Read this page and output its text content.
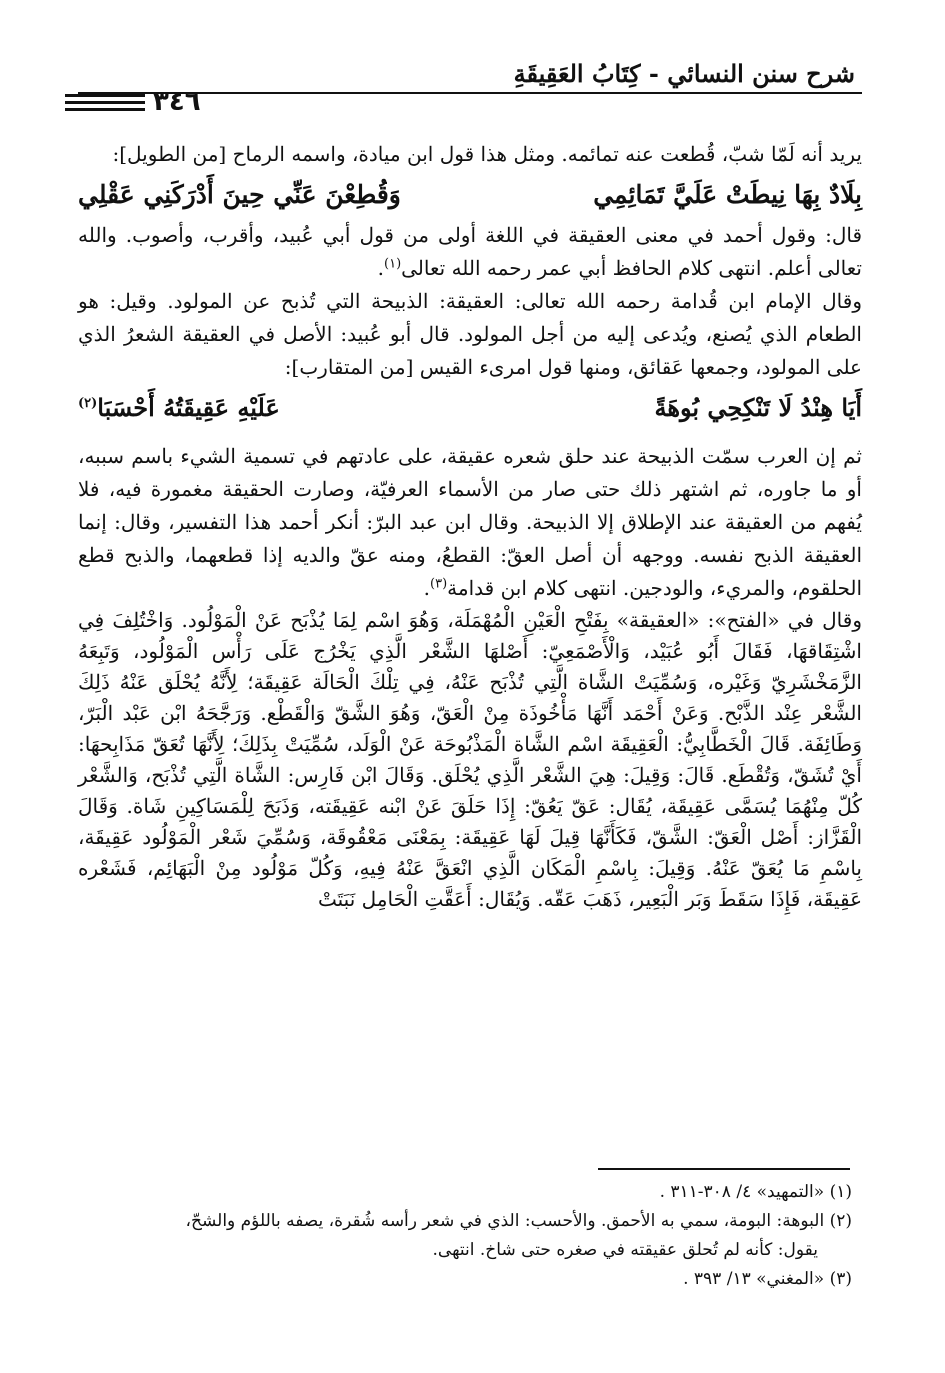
شرح سنن النسائي - كِتَابُ العَقِيقَةِ
٣٤٦

يريد أنه لَمّا شبّ، قُطعت عنه تمائمه. ومثل هذا قول ابن ميادة، واسمه الرماح [من الطويل]:

بِلَادٌ بِهَا نِيطَتْ عَلَيَّ تَمَائِمِي
وَقُطِعْنَ عَنِّي حِينَ أَدْرَكَنِي عَقْلِي

قال: وقول أحمد في معنى العقيقة في اللغة أولى من قول أبي عُبيد، وأقرب، وأصوب. والله تعالى أعلم. انتهى كلام الحافظ أبي عمر رحمه الله تعالى$^{(١)}$.

وقال الإمام ابن قُدامة رحمه الله تعالى: العقيقة: الذبيحة التي تُذبح عن المولود. وقيل: هو الطعام الذي يُصنع، ويُدعى إليه من أجل المولود. قال أبو عُبيد: الأصل في العقيقة الشعرُ الذي على المولود، وجمعها عَقائق، ومنها قول امرىء القيس [من المتقارب]:

أَيَا هِنْدُ لَا تَنْكِحِي بُوهَةً
عَلَيْهِ عَقِيقَتُهُ أَحْسَبَا$^{(٢)}$

ثم إن العرب سمّت الذبيحة عند حلق شعره عقيقة، على عادتهم في تسمية الشيء باسم سببه، أو ما جاوره، ثم اشتهر ذلك حتى صار من الأسماء العرفيّة، وصارت الحقيقة مغمورة فيه، فلا يُفهم من العقيقة عند الإطلاق إلا الذبيحة. وقال ابن عبد البرّ: أنكر أحمد هذا التفسير، وقال: إنما العقيقة الذبح نفسه. ووجهه أن أصل العقّ: القطعُ، ومنه عقّ والديه إذا قطعهما، والذبح قطع الحلقوم، والمريء، والودجين. انتهى كلام ابن قدامة$^{(٣)}$.

وقال في «الفتح»: «العقيقة» بِفَتْحِ الْعَيْنِ الْمُهْمَلَة، وَهُوَ اسْم لِمَا يُذْبَح عَنْ الْمَوْلُود. وَاخْتُلِفَ فِي اشْتِقَاقهَا، فَقَالَ أَبُو عُبَيْد، وَالْأَصْمَعِيّ: أَصْلهَا الشَّعْر الَّذِي يَخْرُج عَلَى رَأْس الْمَوْلُود، وَتَبِعَهُ الزَّمَخْشَرِيّ وَغَيْره، وَسُمِّيَتْ الشَّاة الَّتِي تُذْبَح عَنْهُ، فِي تِلْكَ الْحَالَة عَقِيقَة؛ لِأَنَّهُ يُحْلَق عَنْهُ ذَلِكَ الشَّعْر عِنْد الذَّبْح. وَعَنْ أَحْمَد أَنَّهَا مَأْخُوذَة مِنْ الْعَقّ، وَهُوَ الشَّقّ وَالْقَطْع. وَرَجَّحَهُ ابْن عَبْد الْبَرّ، وَطَائِفَة. قَالَ الْخَطَّابِيُّ: الْعَقِيقَة اسْم الشَّاة الْمَذْبُوحَة عَنْ الْوَلَد، سُمِّيَتْ بِذَلِكَ؛ لِأَنَّهَا تُعَقّ مَذَابِحهَا: أَيْ تُشَقّ، وَتُقْطَع. قَالَ: وَقِيلَ: هِيَ الشَّعْر الَّذِي يُحْلَق. وَقَالَ ابْن فَارِس: الشَّاة الَّتِي تُذْبَح، وَالشَّعْر كُلّ مِنْهُمَا يُسَمَّى عَقِيقَة، يُقَال: عَقّ يَعُقّ: إِذَا حَلَقَ عَنْ ابْنه عَقِيقَته، وَذَبَحَ لِلْمَسَاكِينِ شَاة. وَقَالَ الْقَزَّاز: أَصْل الْعَقّ: الشَّقّ، فَكَأَنَّهَا قِيلَ لَهَا عَقِيقَة: بِمَعْنَى مَعْقُوقَة، وَسُمِّيَ شَعْر الْمَوْلُود عَقِيقَة، بِاسْمِ مَا يُعَقّ عَنْهُ. وَقِيلَ: بِاسْمِ الْمَكَان الَّذِي انْعَقَّ عَنْهُ فِيهِ، وَكُلّ مَوْلُود مِنْ الْبَهَائِم، فَشَعْره عَقِيقَة، فَإِذَا سَقَطَ وَبَر الْبَعِير، ذَهَبَ عَقّه. وَيُقَال: أَعَقَّتِ الْحَامِل نَبَتَتْ

(١) «التمهيد» ٤/ ٣٠٨-٣١١ .

(٢) البوهة: البومة، سمي به الأحمق. والأحسب: الذي في شعر رأسه شُقرة، يصفه باللؤم والشحّ،

يقول: كأنه لم تُحلق عقيقته في صغره حتى شاخ. انتهى.

(٣) «المغني» ١٣/ ٣٩٣ .
